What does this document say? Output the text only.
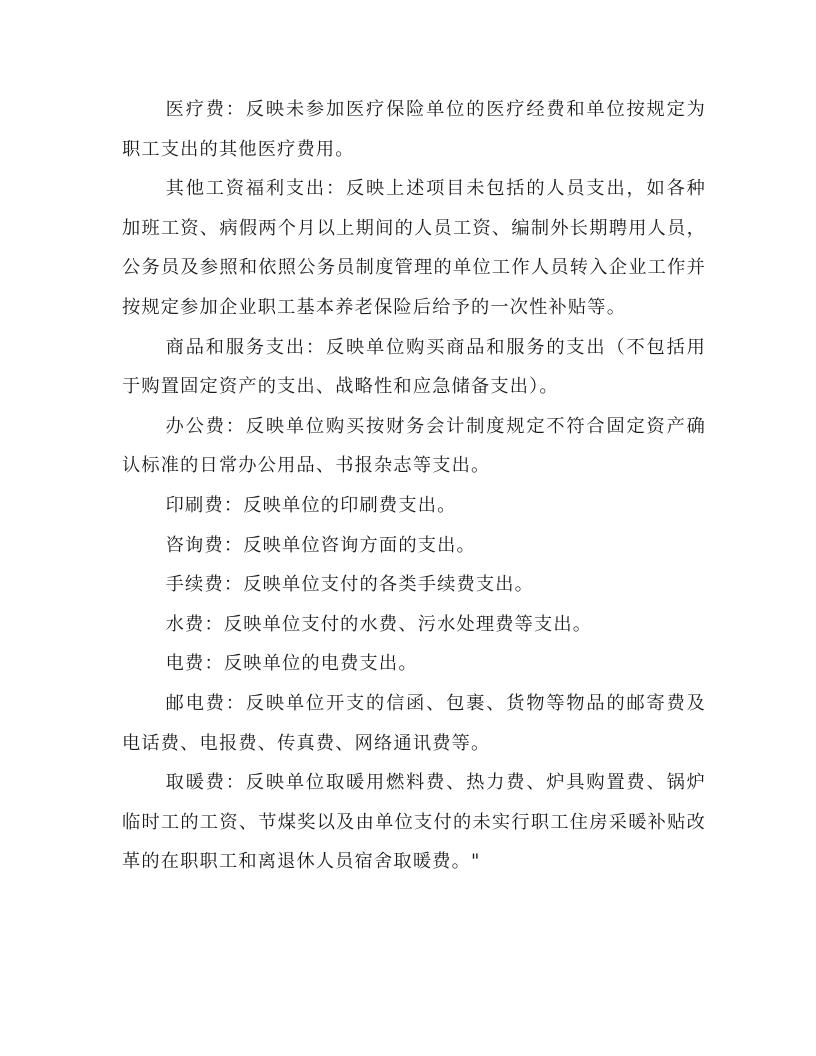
医疗费：反映未参加医疗保险单位的医疗经费和单位按规定为职工支出的其他医疗费用。

其他工资福利支出：反映上述项目未包括的人员支出，如各种加班工资、病假两个月以上期间的人员工资、编制外长期聘用人员，公务员及参照和依照公务员制度管理的单位工作人员转入企业工作并按规定参加企业职工基本养老保险后给予的一次性补贴等。

商品和服务支出：反映单位购买商品和服务的支出（不包括用于购置固定资产的支出、战略性和应急储备支出）。

办公费：反映单位购买按财务会计制度规定不符合固定资产确认标准的日常办公用品、书报杂志等支出。

印刷费：反映单位的印刷费支出。

咨询费：反映单位咨询方面的支出。

手续费：反映单位支付的各类手续费支出。

水费：反映单位支付的水费、污水处理费等支出。

电费：反映单位的电费支出。

邮电费：反映单位开支的信函、包裹、货物等物品的邮寄费及电话费、电报费、传真费、网络通讯费等。

取暖费：反映单位取暖用燃料费、热力费、炉具购置费、锅炉临时工的工资、节煤奖以及由单位支付的未实行职工住房采暖补贴改革的在职职工和离退休人员宿舍取暖费。"
